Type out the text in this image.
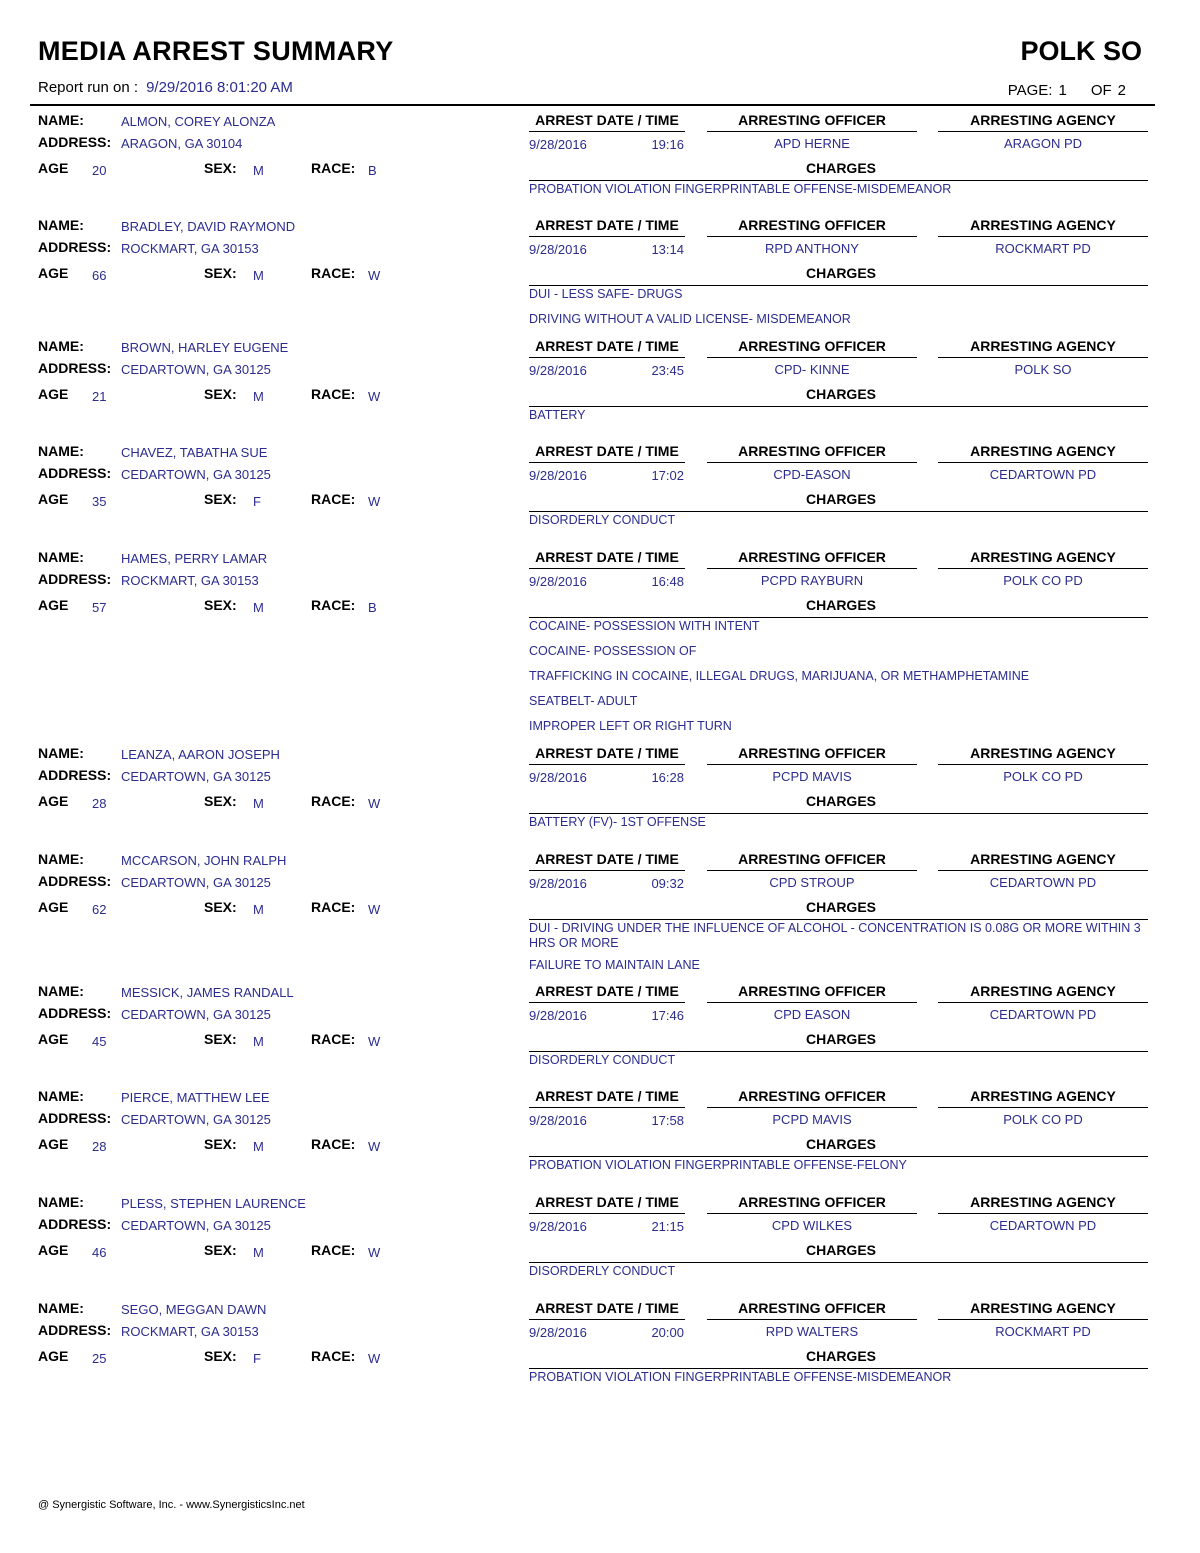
MEDIA ARREST SUMMARY	POLK SO
Report run on : 9/29/2016 8:01:20 AM	PAGE: 1 OF 2
NAME:	ALMON, COREY ALONZA
ADDRESS: ARAGON, GA 30104
AGE 20	SEX: M	RACE: B
ARREST DATE / TIME	ARRESTING OFFICER	ARRESTING AGENCY
9/28/2016	19:16	APD HERNE	ARAGON PD
CHARGES
PROBATION VIOLATION FINGERPRINTABLE OFFENSE-MISDEMEANOR
NAME:	BRADLEY, DAVID RAYMOND
ADDRESS: ROCKMART, GA 30153
AGE 66	SEX: M	RACE: W
ARREST DATE / TIME	ARRESTING OFFICER	ARRESTING AGENCY
9/28/2016	13:14	RPD ANTHONY	ROCKMART PD
CHARGES
DUI - LESS SAFE- DRUGS
DRIVING WITHOUT A VALID LICENSE- MISDEMEANOR
NAME:	BROWN, HARLEY EUGENE
ADDRESS: CEDARTOWN, GA 30125
AGE 21	SEX: M	RACE: W
ARREST DATE / TIME	ARRESTING OFFICER	ARRESTING AGENCY
9/28/2016	23:45	CPD- KINNE	POLK SO
CHARGES
BATTERY
NAME:	CHAVEZ, TABATHA SUE
ADDRESS: CEDARTOWN, GA 30125
AGE 35	SEX: F	RACE: W
ARREST DATE / TIME	ARRESTING OFFICER	ARRESTING AGENCY
9/28/2016	17:02	CPD-EASON	CEDARTOWN PD
CHARGES
DISORDERLY CONDUCT
NAME:	HAMES, PERRY LAMAR
ADDRESS: ROCKMART, GA 30153
AGE 57	SEX: M	RACE: B
ARREST DATE / TIME	ARRESTING OFFICER	ARRESTING AGENCY
9/28/2016	16:48	PCPD RAYBURN	POLK CO PD
CHARGES
COCAINE- POSSESSION WITH INTENT
COCAINE- POSSESSION OF
TRAFFICKING IN COCAINE, ILLEGAL DRUGS, MARIJUANA, OR METHAMPHETAMINE
SEATBELT- ADULT
IMPROPER LEFT OR RIGHT TURN
NAME:	LEANZA, AARON JOSEPH
ADDRESS: CEDARTOWN, GA 30125
AGE 28	SEX: M	RACE: W
ARREST DATE / TIME	ARRESTING OFFICER	ARRESTING AGENCY
9/28/2016	16:28	PCPD MAVIS	POLK CO PD
CHARGES
BATTERY (FV)- 1ST OFFENSE
NAME:	MCCARSON, JOHN RALPH
ADDRESS: CEDARTOWN, GA 30125
AGE 62	SEX: M	RACE: W
ARREST DATE / TIME	ARRESTING OFFICER	ARRESTING AGENCY
9/28/2016	09:32	CPD STROUP	CEDARTOWN PD
CHARGES
DUI - DRIVING UNDER THE INFLUENCE OF ALCOHOL - CONCENTRATION IS 0.08G OR MORE WITHIN 3 HRS OR MORE
FAILURE TO MAINTAIN LANE
NAME:	MESSICK, JAMES RANDALL
ADDRESS: CEDARTOWN, GA 30125
AGE 45	SEX: M	RACE: W
ARREST DATE / TIME	ARRESTING OFFICER	ARRESTING AGENCY
9/28/2016	17:46	CPD EASON	CEDARTOWN PD
CHARGES
DISORDERLY CONDUCT
NAME:	PIERCE, MATTHEW LEE
ADDRESS: CEDARTOWN, GA 30125
AGE 28	SEX: M	RACE: W
ARREST DATE / TIME	ARRESTING OFFICER	ARRESTING AGENCY
9/28/2016	17:58	PCPD MAVIS	POLK CO PD
CHARGES
PROBATION VIOLATION FINGERPRINTABLE OFFENSE-FELONY
NAME:	PLESS, STEPHEN LAURENCE
ADDRESS: CEDARTOWN, GA 30125
AGE 46	SEX: M	RACE: W
ARREST DATE / TIME	ARRESTING OFFICER	ARRESTING AGENCY
9/28/2016	21:15	CPD WILKES	CEDARTOWN PD
CHARGES
DISORDERLY CONDUCT
NAME:	SEGO, MEGGAN DAWN
ADDRESS: ROCKMART, GA 30153
AGE 25	SEX: F	RACE: W
ARREST DATE / TIME	ARRESTING OFFICER	ARRESTING AGENCY
9/28/2016	20:00	RPD WALTERS	ROCKMART PD
CHARGES
PROBATION VIOLATION FINGERPRINTABLE OFFENSE-MISDEMEANOR
@ Synergistic Software, Inc. - www.SynergisticsInc.net
